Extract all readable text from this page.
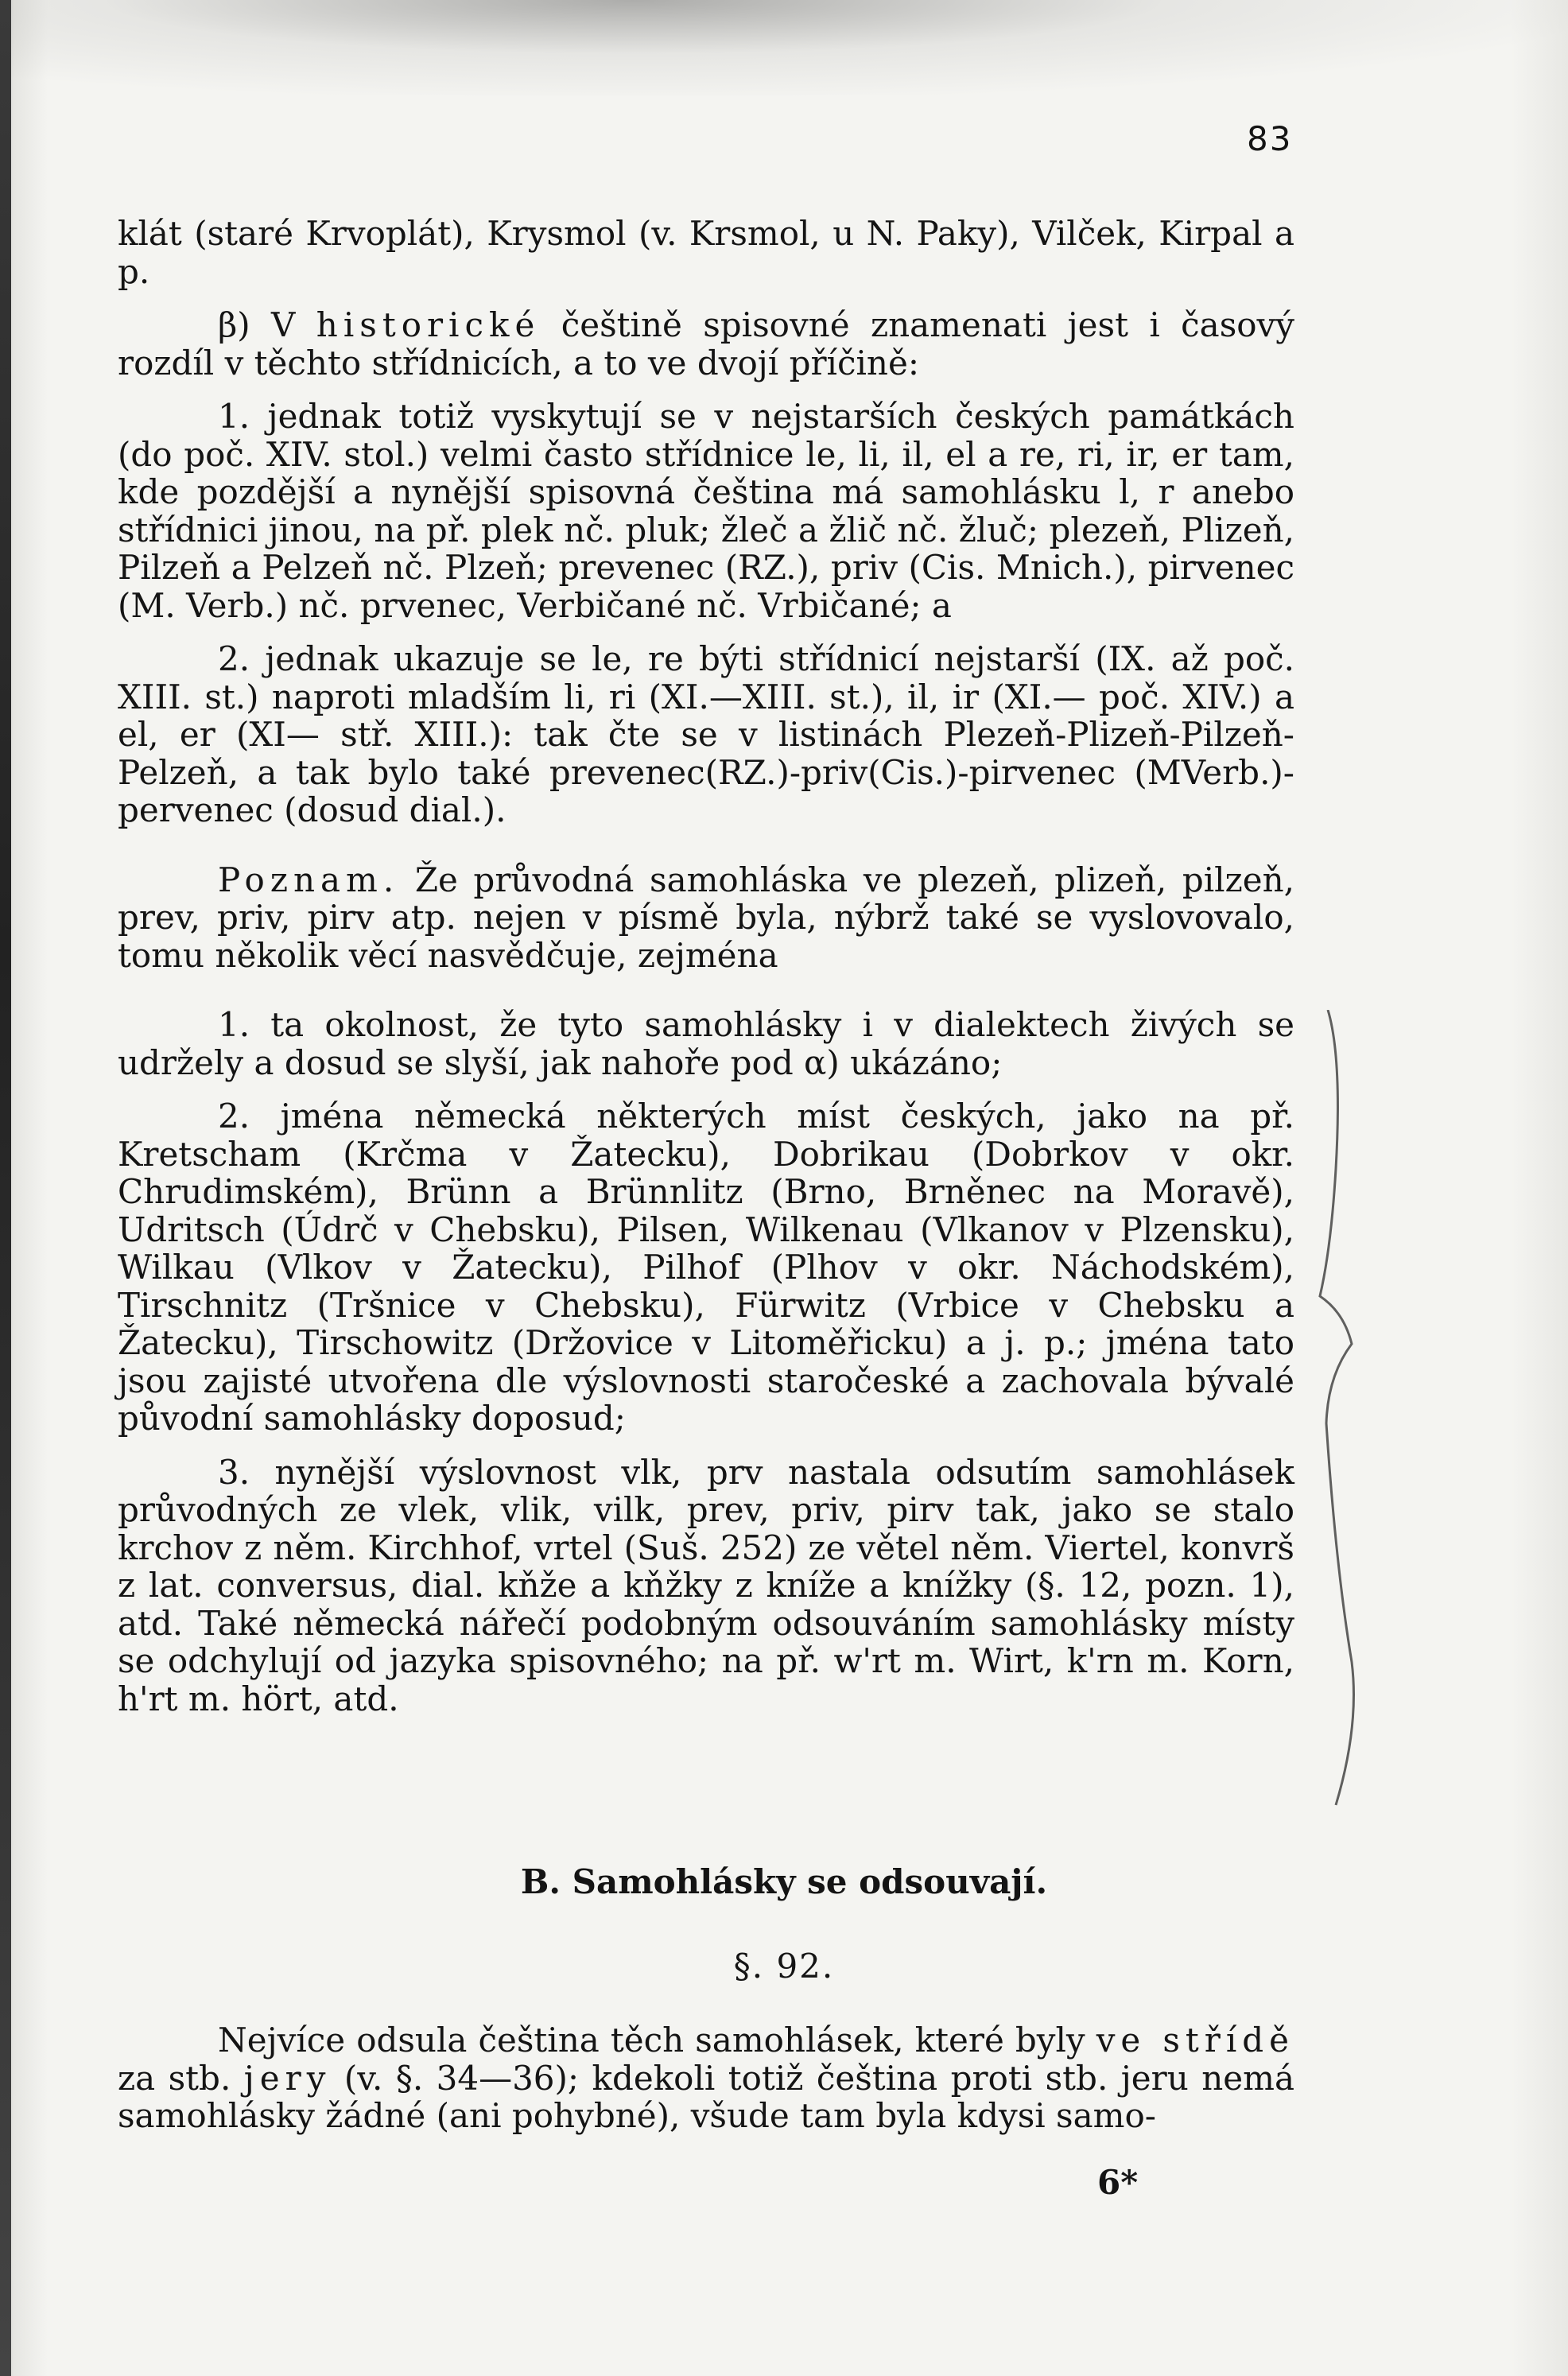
83

klát (staré Krvoplát), Krysmol (v. Krsmol, u N. Paky), Vilček, Kirpal a p.

β) V historické češtině spisovné znamenati jest i časový rozdíl v těchto střídnicích, a to ve dvojí příčině:

1. jednak totiž vyskytují se v nejstarších českých památkách (do poč. XIV. stol.) velmi často střídnice le, li, il, el a re, ri, ir, er tam, kde pozdější a nynější spisovná čeština má samohlásku l, r anebo střídnici jinou, na př. plek nč. pluk; žleč a žlič nč. žluč; plezeň, Plizeň, Pilzeň a Pelzeň nč. Plzeň; prevenec (RZ.), priv (Cis. Mnich.), pirvenec (M. Verb.) nč. prvenec, Verbičané nč. Vrbičané; a

2. jednak ukazuje se le, re býti střídnicí nejstarší (IX. až poč. XIII. st.) naproti mladším li, ri (XI.—XIII. st.), il, ir (XI.— poč. XIV.) a el, er (XI— stř. XIII.): tak čte se v listinách Plezeň-Plizeň-Pilzeň-Pelzeň, a tak bylo také prevenec(RZ.)-priv(Cis.)-pirvenec (MVerb.)-pervenec (dosud dial.).

Poznam. Že průvodná samohláska ve plezeň, plizeň, pilzeň, prev, priv, pirv atp. nejen v písmě byla, nýbrž také se vyslovovalo, tomu několik věcí nasvědčuje, zejména

1. ta okolnost, že tyto samohlásky i v dialektech živých se udržely a dosud se slyší, jak nahoře pod α) ukázáno;

2. jména německá některých míst českých, jako na př. Kretscham (Krčma v Žatecku), Dobrikau (Dobrkov v okr. Chrudimském), Brünn a Brünnlitz (Brno, Brněnec na Moravě), Udritsch (Údrč v Chebsku), Pilsen, Wilkenau (Vlkanov v Plzensku), Wilkau (Vlkov v Žatecku), Pilhof (Plhov v okr. Náchodském), Tirschnitz (Tršnice v Chebsku), Fürwitz (Vrbice v Chebsku a Žatecku), Tirschowitz (Držovice v Litoměřicku) a j. p.; jména tato jsou zajisté utvořena dle výslovnosti staročeské a zachovala bývalé původní samohlásky doposud;

3. nynější výslovnost vlk, prv nastala odsutím samohlásek průvodných ze vlek, vlik, vilk, prev, priv, pirv tak, jako se stalo krchov z něm. Kirchhof, vrtel (Suš. 252) ze větel něm. Viertel, konvrš z lat. conversus, dial. kňže a kňžky z kníže a knížky (§. 12, pozn. 1), atd. Také německá nářečí podobným odsouváním samohlásky místy se odchylují od jazyka spisovného; na př. w'rt m. Wirt, k'rn m. Korn, h'rt m. hört, atd.

B. Samohlásky se odsouvají.
§. 92.

Nejvíce odsula čeština těch samohlásek, které byly ve střídě za stb. jery (v. §. 34—36); kdekoli totiž čeština proti stb. jeru nemá samohlásky žádné (ani pohybné), všude tam byla kdysi samo-

6*
